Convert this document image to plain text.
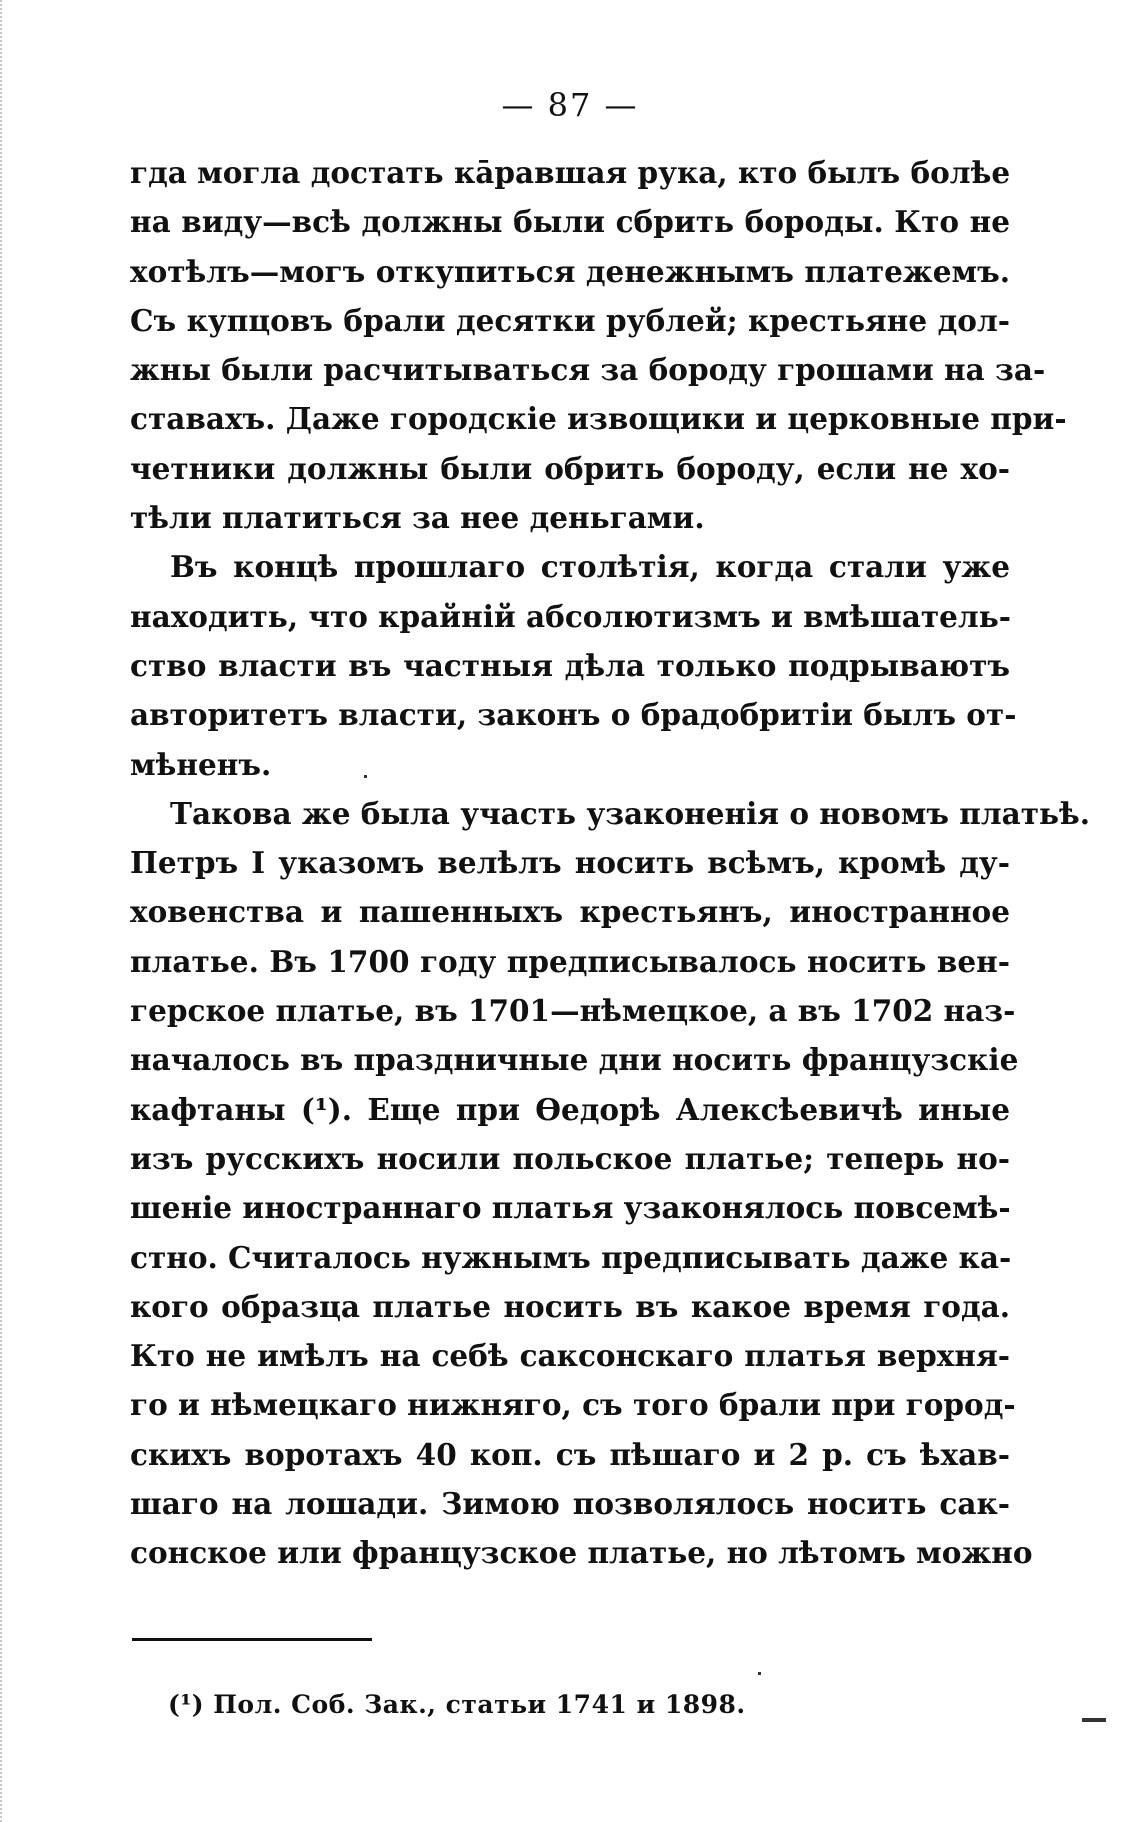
— 87 —
гда могла достать кāравшая рука, кто былъ болѣе
на виду—всѣ должны были сбрить бороды. Кто не
хотѣлъ—могъ откупиться денежнымъ платежемъ.
Съ купцовъ брали десятки рублей; крестьяне дол-
жны были расчитываться за бороду грошами на за-
ставахъ. Даже городскіе извощики и церковные при-
четники должны были обрить бороду, если не хо-
тѣли платиться за нее деньгами.
Въ концѣ прошлаго столѣтія, когда стали уже
находить, что крайній абсолютизмъ и вмѣшатель-
ство власти въ частныя дѣла только подрываютъ
авторитетъ власти, законъ о брадобритіи былъ от-
мѣненъ.
Такова же была участь узаконенія о новомъ платьѣ.
Петръ I указомъ велѣлъ носить всѣмъ, кромѣ ду-
ховенства и пашенныхъ крестьянъ, иностранное
платье. Въ 1700 году предписывалось носить вен-
герское платье, въ 1701—нѣмецкое, а въ 1702 наз-
началось въ праздничные дни носить французскіе
кафтаны (¹). Еще при Ѳедорѣ Алексѣевичѣ иные
изъ русскихъ носили польское платье; теперь но-
шеніе иностраннаго платья узаконялось повсемѣ-
стно. Считалось нужнымъ предписывать даже ка-
кого образца платье носить въ какое время года.
Кто не имѣлъ на себѣ саксонскаго платья верхня-
го и нѣмецкаго нижняго, съ того брали при город-
скихъ воротахъ 40 коп. съ пѣшаго и 2 р. съ ѣхав-
шаго на лошади. Зимою позволялось носить сак-
сонское или французское платье, но лѣтомъ можно
(¹) Пол. Соб. Зак., статьи 1741 и 1898.
